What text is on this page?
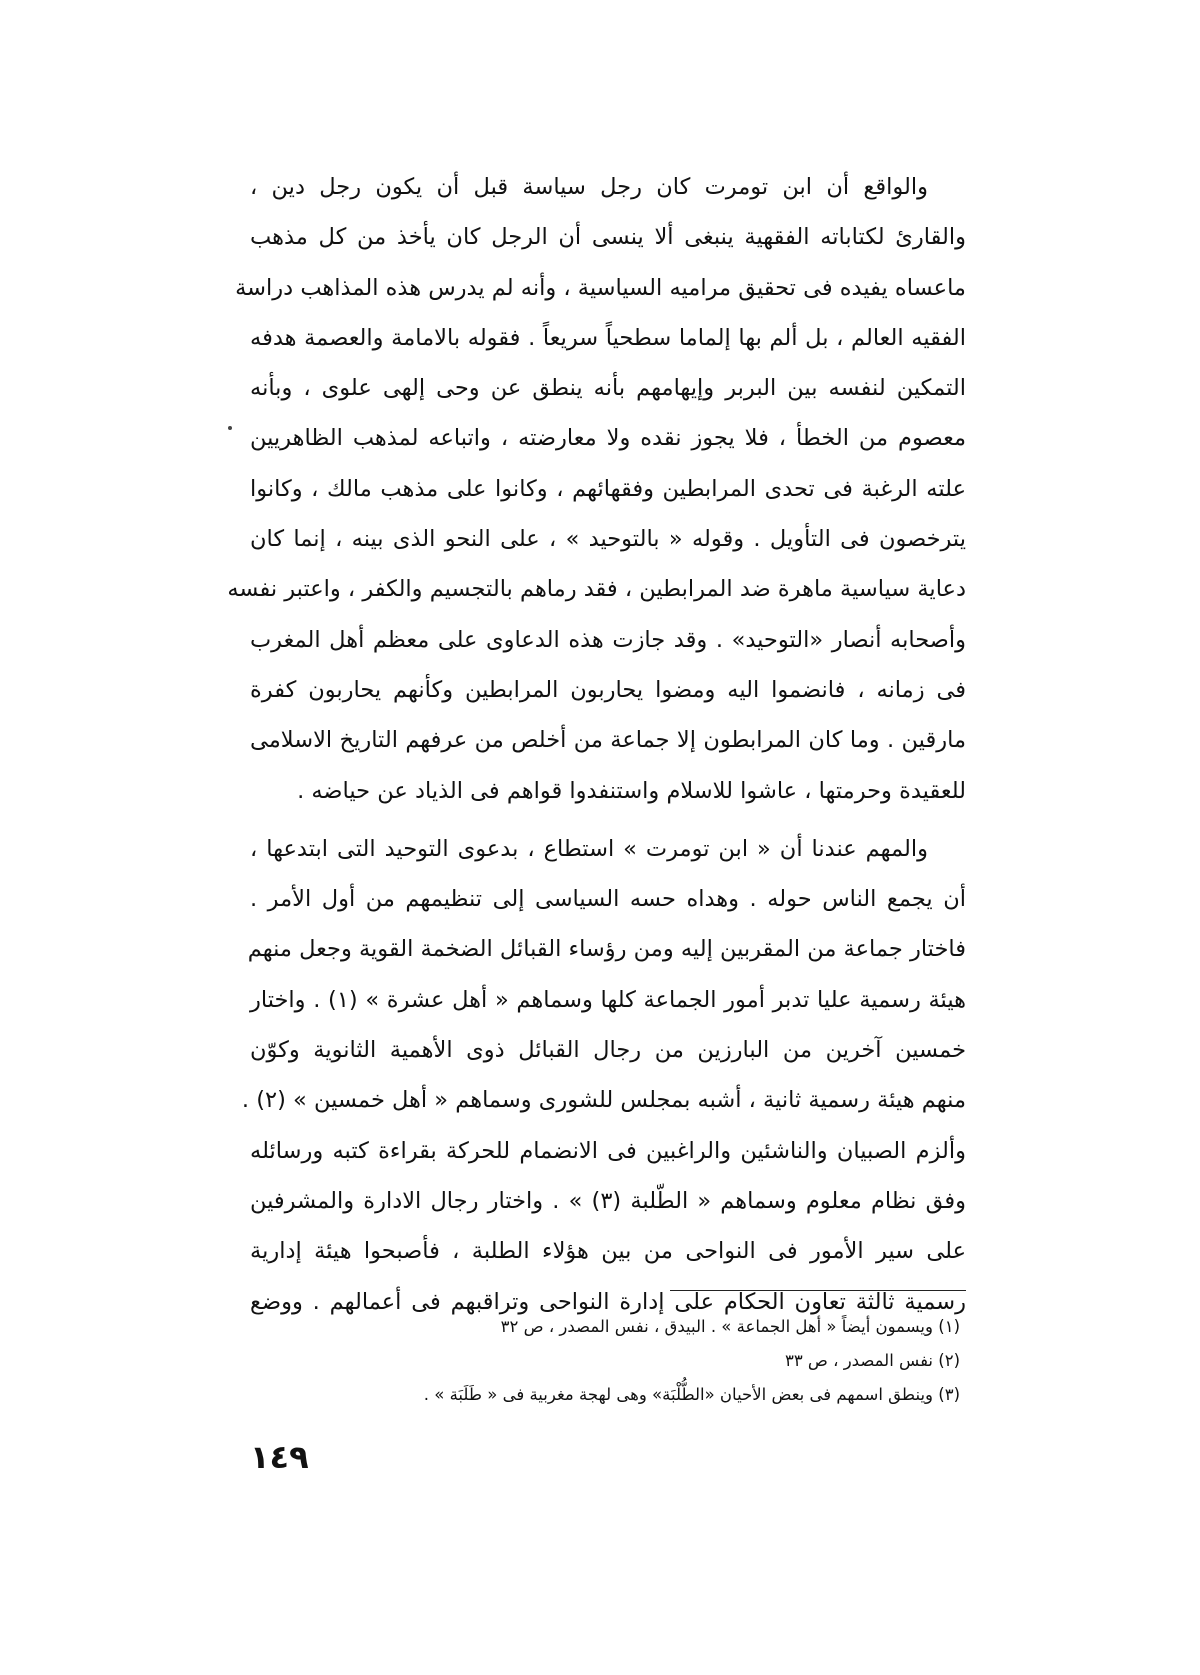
والواقع أن ابن تومرت كان رجل سياسة قبل أن يكون رجل دين ،
والقارئ لكتاباته الفقهية ينبغى ألا ينسى أن الرجل كان يأخذ من كل مذهب
ماعساه يفيده فى تحقيق مراميه السياسية ، وأنه لم يدرس هذه المذاهب دراسة
الفقيه العالم ، بل ألم بها إلماما سطحياً سريعاً . فقوله بالامامة والعصمة هدفه
التمكين لنفسه بين البربر وإيهامهم بأنه ينطق عن وحى إلهى علوى ، وبأنه
معصوم من الخطأ ، فلا يجوز نقده ولا معارضته ، واتباعه لمذهب الظاهريين
علته الرغبة فى تحدى المرابطين وفقهائهم ، وكانوا على مذهب مالك ، وكانوا
يترخصون فى التأويل . وقوله « بالتوحيد » ، على النحو الذى بينه ، إنما كان
دعاية سياسية ماهرة ضد المرابطين ، فقد رماهم بالتجسيم والكفر ، واعتبر نفسه
وأصحابه أنصار «التوحيد» . وقد جازت هذه الدعاوى على معظم أهل المغرب
فى زمانه ، فانضموا اليه ومضوا يحاربون المرابطين وكأنهم يحاربون كفرة
مارقين . وما كان المرابطون إلا جماعة من أخلص من عرفهم التاريخ الاسلامى
للعقيدة وحرمتها ، عاشوا للاسلام واستنفدوا قواهم فى الذياد عن حياضه .
والمهم عندنا أن « ابن تومرت » استطاع ، بدعوى التوحيد التى ابتدعها ،
أن يجمع الناس حوله . وهداه حسه السياسى إلى تنظيمهم من أول الأمر .
فاختار جماعة من المقربين إليه ومن رؤساء القبائل الضخمة القوية وجعل منهم
هيئة رسمية عليا تدبر أمور الجماعة كلها وسماهم « أهل عشرة » (١) . واختار
خمسين آخرين من البارزين من رجال القبائل ذوى الأهمية الثانوية وكوّن
منهم هيئة رسمية ثانية ، أشبه بمجلس للشورى وسماهم « أهل خمسين » (٢) .
وألزم الصبيان والناشئين والراغبين فى الانضمام للحركة بقراءة كتبه ورسائله
وفق نظام معلوم وسماهم « الطّلبة (٣) » . واختار رجال الادارة والمشرفين
على سير الأمور فى النواحى من بين هؤلاء الطلبة ، فأصبحوا هيئة إدارية
رسمية ثالثة تعاون الحكام على إدارة النواحى وتراقبهم فى أعمالهم . ووضع
(١) ويسمون أيضاً « أهل الجماعة » . البيدق ، نفس المصدر ، ص ٣٢
(٢) نفس المصدر ، ص ٣٣
(٣) وينطق اسمهم فى بعض الأحيان «الطُّلْبَة» وهى لهجة مغربية فى « طَلَبَة » .
١٤٩
